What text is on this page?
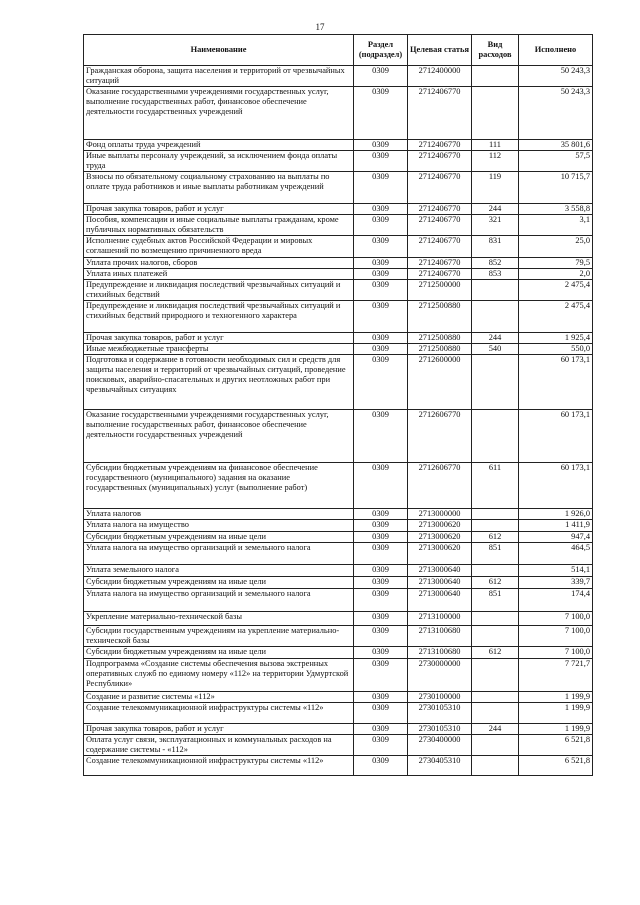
17
Наименование	Раздел (подраздел)	Целевая статья	Вид расходов	Исполнено
Гражданская оборона, защита населения и территорий от чрезвычайных ситуаций	0309	2712400000		50 243,3
Оказание государственными учреждениями государственных услуг, выполнение государственных работ, финансовое обеспечение деятельности государственных учреждений	0309	2712406770		50 243,3
Фонд оплаты труда учреждений	0309	2712406770	111	35 801,6
Иные выплаты персоналу учреждений, за исключением фонда оплаты труда	0309	2712406770	112	57,5
Взносы по обязательному социальному страхованию на выплаты по оплате труда работников и иные выплаты работникам учреждений	0309	2712406770	119	10 715,7
Прочая закупка товаров, работ и услуг	0309	2712406770	244	3 558,8
Пособия, компенсации и иные социальные выплаты гражданам, кроме публичных нормативных обязательств	0309	2712406770	321	3,1
Исполнение судебных актов Российской Федерации и мировых соглашений по возмещению причиненного вреда	0309	2712406770	831	25,0
Уплата прочих налогов, сборов	0309	2712406770	852	79,5
Уплата иных платежей	0309	2712406770	853	2,0
Предупреждение и ликвидация последствий чрезвычайных ситуаций и стихийных бедствий	0309	2712500000		2 475,4
Предупреждение и ликвидация последствий чрезвычайных ситуаций и стихийных бедствий природного и техногенного характера	0309	2712500880		2 475,4
Прочая закупка товаров, работ и услуг	0309	2712500880	244	1 925,4
Иные межбюджетные трансферты	0309	2712500880	540	550,0
Подготовка и содержание в готовности необходимых сил и средств для защиты населения и территорий от чрезвычайных ситуаций, проведение поисковых, аварийно-спасательных и других неотложных работ при чрезвычайных ситуациях	0309	2712600000		60 173,1
Оказание государственными учреждениями государственных услуг, выполнение государственных работ, финансовое обеспечение деятельности государственных учреждений	0309	2712606770		60 173,1
Субсидии бюджетным учреждениям на финансовое обеспечение государственного (муниципального) задания на оказание государственных (муниципальных) услуг (выполнение работ)	0309	2712606770	611	60 173,1
Уплата налогов	0309	2713000000		1 926,0
Уплата налога на имущество	0309	2713000620		1 411,9
Субсидии бюджетным учреждениям на иные цели	0309	2713000620	612	947,4
Уплата налога на имущество организаций и земельного налога	0309	2713000620	851	464,5
Уплата земельного налога	0309	2713000640		514,1
Субсидии бюджетным учреждениям на иные цели	0309	2713000640	612	339,7
Уплата налога на имущество организаций и земельного налога	0309	2713000640	851	174,4
Укрепление материально-технической базы	0309	2713100000		7 100,0
Субсидии государственным учреждениям на укрепление материально-технической базы	0309	2713100680		7 100,0
Субсидии бюджетным учреждениям на иные цели	0309	2713100680	612	7 100,0
Подпрограмма «Создание системы обеспечения вызова экстренных оперативных служб по единому номеру «112» на территории Удмуртской Республики»	0309	2730000000		7 721,7
Создание и развитие системы «112»	0309	2730100000		1 199,9
Создание телекоммуникационной инфраструктуры системы «112»	0309	2730105310		1 199,9
Прочая закупка товаров, работ и услуг	0309	2730105310	244	1 199,9
Оплата услуг связи, эксплуатационных и коммунальных расходов на содержание системы - «112»	0309	2730400000		6 521,8
Создание телекоммуникационной инфраструктуры системы «112»	0309	2730405310		6 521,8
